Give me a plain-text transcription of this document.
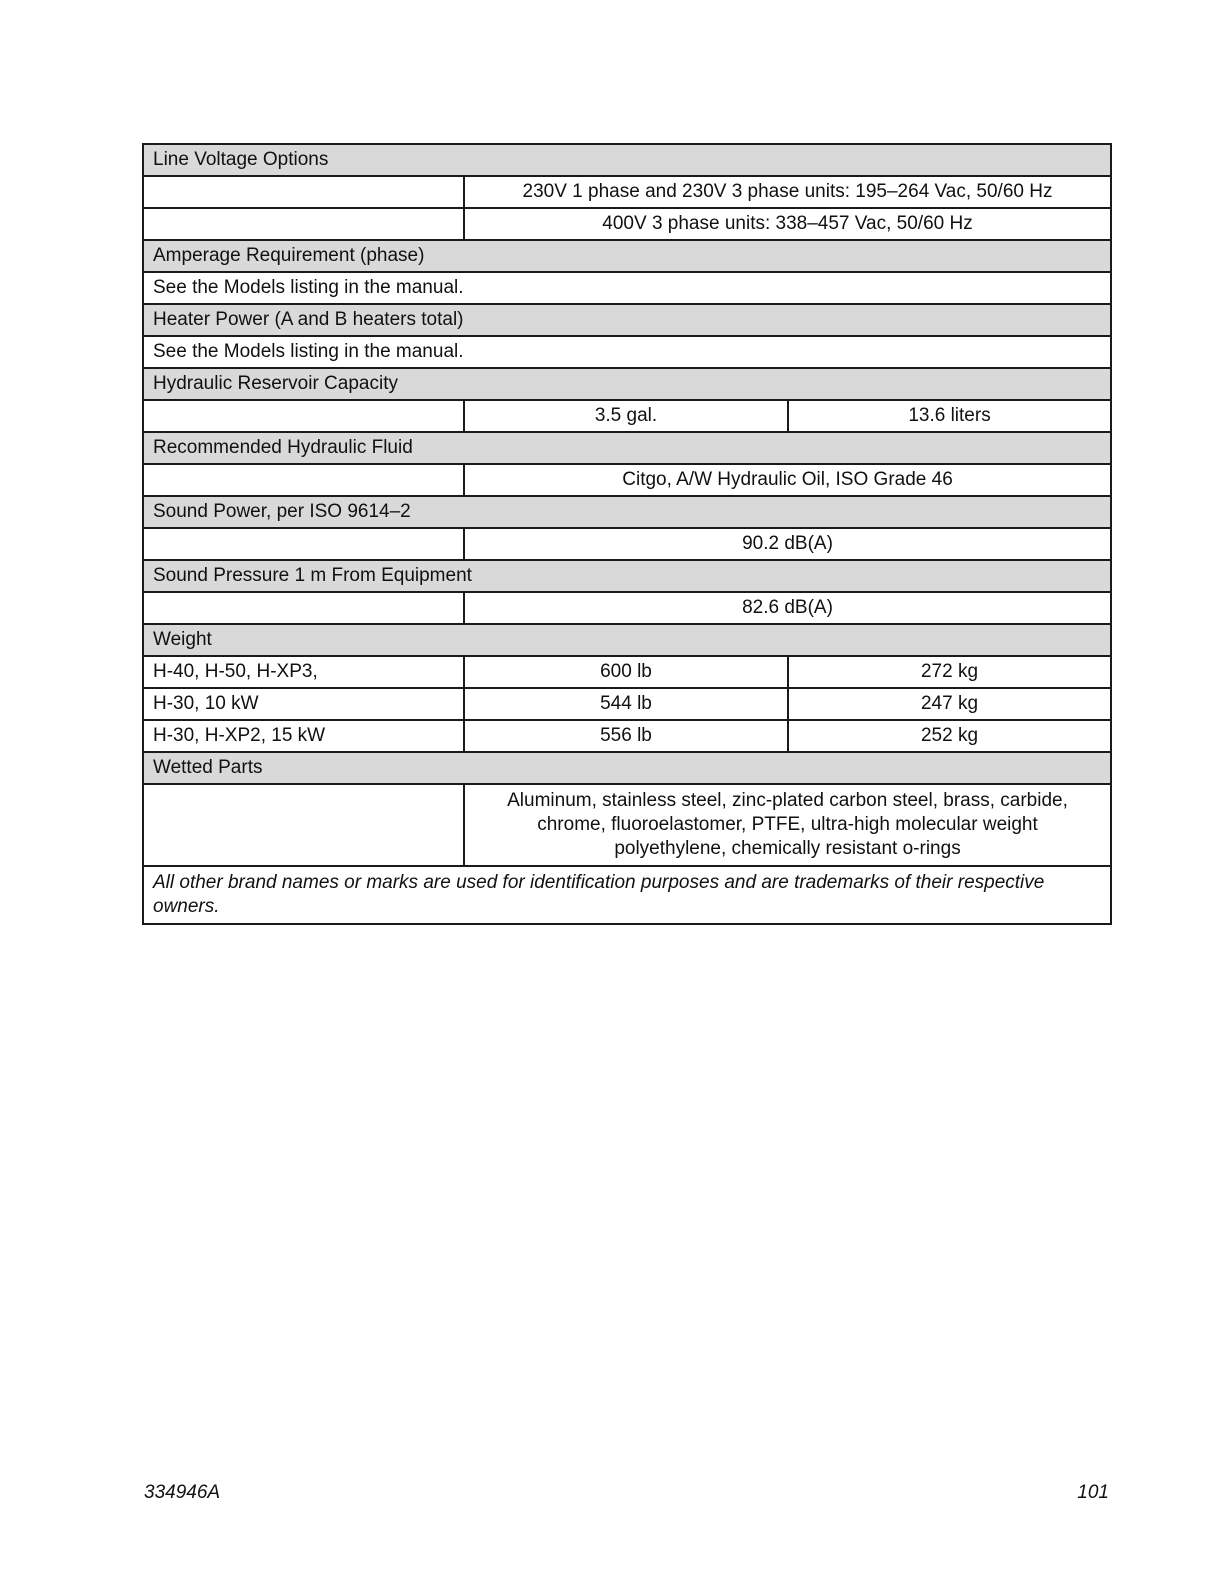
Line Voltage Options		
	230V 1 phase and 230V 3 phase units: 195–264 Vac, 50/60 Hz	
	400V 3 phase units: 338–457 Vac, 50/60 Hz	
Amperage Requirement (phase)		
See the Models listing in the manual.		
Heater Power (A and B heaters total)		
See the Models listing in the manual.		
Hydraulic Reservoir Capacity		
	3.5 gal.	13.6 liters
Recommended Hydraulic Fluid		
	Citgo, A/W Hydraulic Oil, ISO Grade 46	
Sound Power, per ISO 9614–2		
	90.2 dB(A)	
Sound Pressure 1 m From Equipment		
	82.6 dB(A)	
Weight		
H-40, H-50, H-XP3,	600 lb	272 kg
H-30, 10 kW	544 lb	247 kg
H-30, H-XP2, 15 kW	556 lb	252 kg
Wetted Parts		
	Aluminum, stainless steel, zinc-plated carbon steel, brass, carbide,
chrome, fluoroelastomer, PTFE, ultra-high molecular weight
polyethylene, chemically resistant o-rings	
All other brand names or marks are used for identification purposes and are trademarks of their respective owners.		
334946A	101
